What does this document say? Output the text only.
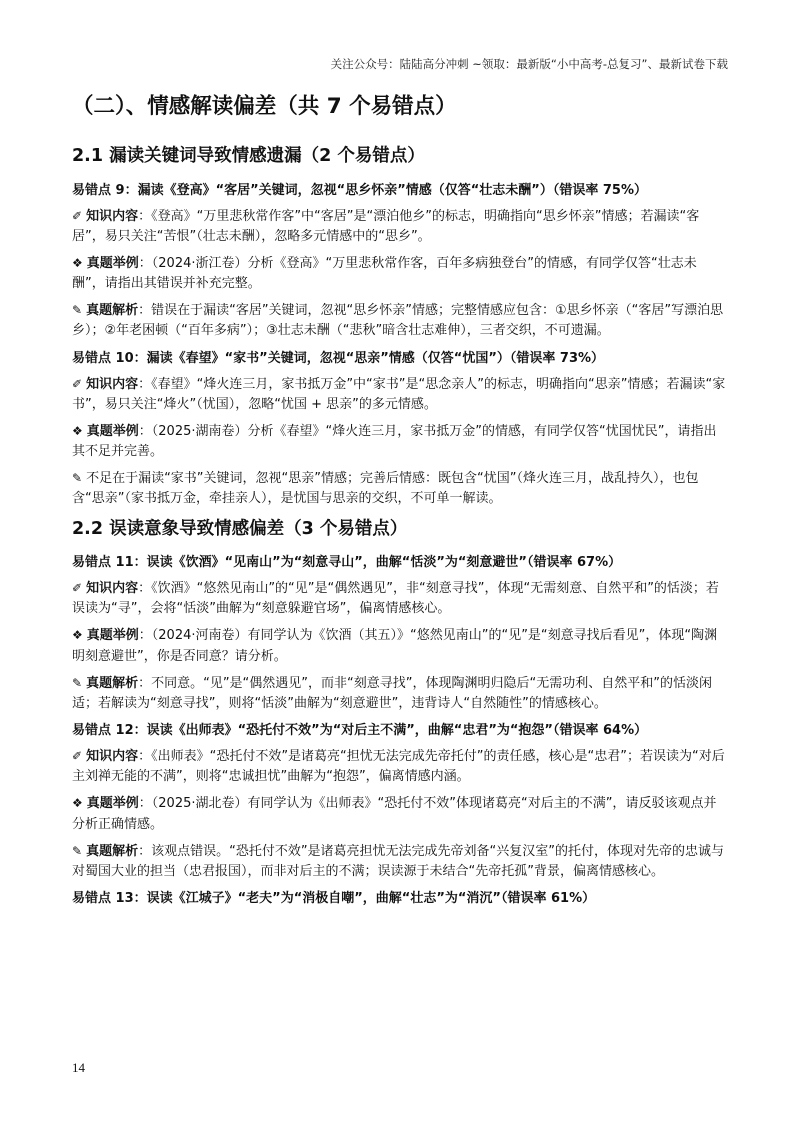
关注公众号：陆陆高分冲刺 ~领取：最新版“小中高考-总复习”、最新试卷下载
（二）、情感解读偏差（共 7 个易错点）
2.1 漏读关键词导致情感遗漏（2 个易错点）

易错点 9：漏读《登高》“客居”关键词，忽视“思乡怀亲”情感（仅答“壮志未酬”）（错误率 75%）

✐ 知识内容：《登高》“万里悲秋常作客”中“客居”是“漂泊他乡”的标志，明确指向“思乡怀亲”情感；若漏读“客居”，易只关注“苦恨”（壮志未酬），忽略多元情感中的“思乡”。

❖ 真题举例：（2024·浙江卷）分析《登高》“万里悲秋常作客，百年多病独登台”的情感，有同学仅答“壮志未酬”，请指出其错误并补充完整。

✎ 真题解析：错误在于漏读“客居”关键词，忽视“思乡怀亲”情感；完整情感应包含：①思乡怀亲（“客居”写漂泊思乡）；②年老困顿（“百年多病”）；③壮志未酬（“悲秋”暗含壮志难伸），三者交织，不可遗漏。

易错点 10：漏读《春望》“家书”关键词，忽视“思亲”情感（仅答“忧国”）（错误率 73%）

✐ 知识内容：《春望》“烽火连三月，家书抵万金”中“家书”是“思念亲人”的标志，明确指向“思亲”情感；若漏读“家书”，易只关注“烽火”（忧国），忽略“忧国 + 思亲”的多元情感。

❖ 真题举例：（2025·湖南卷）分析《春望》“烽火连三月，家书抵万金”的情感，有同学仅答“忧国忧民”，请指出其不足并完善。

✎ 不足在于漏读“家书”关键词，忽视“思亲”情感；完善后情感：既包含“忧国”（烽火连三月，战乱持久），也包含“思亲”（家书抵万金，牵挂亲人），是忧国与思亲的交织，不可单一解读。

2.2 误读意象导致情感偏差（3 个易错点）

易错点 11：误读《饮酒》“见南山”为“刻意寻山”，曲解“恬淡”为“刻意避世”（错误率 67%）

✐ 知识内容：《饮酒》“悠然见南山”的“见”是“偶然遇见”，非“刻意寻找”，体现“无需刻意、自然平和”的恬淡；若误读为“寻”，会将“恬淡”曲解为“刻意躲避官场”，偏离情感核心。

❖ 真题举例：（2024·河南卷）有同学认为《饮酒（其五）》“悠然见南山”的“见”是“刻意寻找后看见”，体现“陶渊明刻意避世”，你是否同意？请分析。

✎ 真题解析：不同意。“见”是“偶然遇见”，而非“刻意寻找”，体现陶渊明归隐后“无需功利、自然平和”的恬淡闲适；若解读为“刻意寻找”，则将“恬淡”曲解为“刻意避世”，违背诗人“自然随性”的情感核心。

易错点 12：误读《出师表》“恐托付不效”为“对后主不满”，曲解“忠君”为“抱怨”（错误率 64%）

✐ 知识内容：《出师表》“恐托付不效”是诸葛亮“担忧无法完成先帝托付”的责任感，核心是“忠君”；若误读为“对后主刘禅无能的不满”，则将“忠诚担忧”曲解为“抱怨”，偏离情感内涵。

❖ 真题举例：（2025·湖北卷）有同学认为《出师表》“恐托付不效”体现诸葛亮“对后主的不满”，请反驳该观点并分析正确情感。

✎ 真题解析：该观点错误。“恐托付不效”是诸葛亮担忧无法完成先帝刘备“兴复汉室”的托付，体现对先帝的忠诚与对蜀国大业的担当（忠君报国），而非对后主的不满；误读源于未结合“先帝托孤”背景，偏离情感核心。

易错点 13：误读《江城子》“老夫”为“消极自嘲”，曲解“壮志”为“消沉”（错误率 61%）

14
